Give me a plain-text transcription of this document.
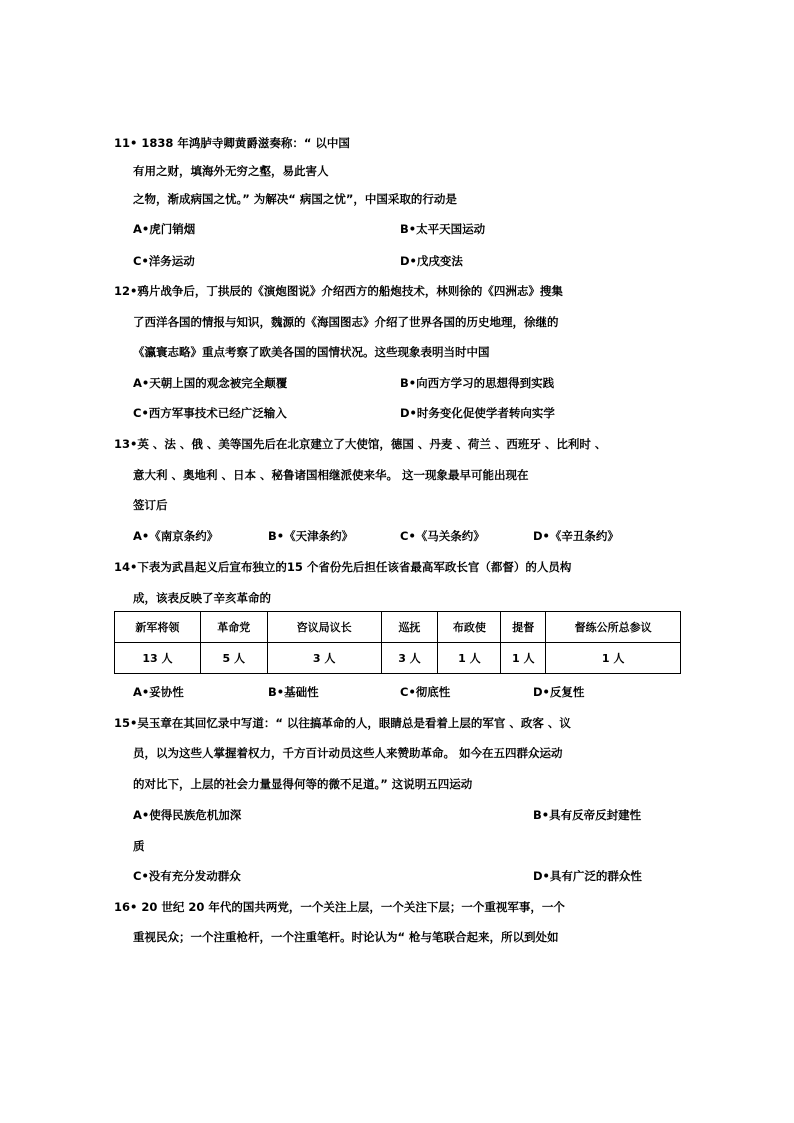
11• 1838 年鸿胪寺卿黄爵滋奏称：“ 以中国
有用之财，填海外无穷之壑，易此害人
之物，渐成病国之忧。” 为解决“ 病国之忧”，中国采取的行动是
A•虎门销烟	B•太平天国运动
C•洋务运动	D•戊戌变法
12•鸦片战争后，丁拱辰的《演炮图说》介绍西方的船炮技术，林则徐的《四洲志》搜集
了西洋各国的情报与知识，魏源的《海国图志》介绍了世界各国的历史地理，徐继的
《瀛寰志略》重点考察了欧美各国的国情状况。这些现象表明当时中国
A•天朝上国的观念被完全颠覆	B•向西方学习的思想得到实践
C•西方军事技术已经广泛输入	D•时务变化促使学者转向实学
13•英 、法 、俄 、美等国先后在北京建立了大使馆，德国 、丹麦 、荷兰 、西班牙 、比利时 、
意大利 、奥地利 、日本 、秘鲁诸国相继派使来华。 这一现象最早可能出现在
签订后
A•《南京条约》	B•《天津条约》	C•《马关条约》	D•《辛丑条约》
14•下表为武昌起义后宣布独立的15 个省份先后担任该省最高军政长官（都督）的人员构
成，该表反映了辛亥革命的
新军将领	革命党	咨议局议长	巡抚	布政使	提督	督练公所总参议
13 人	5 人	3 人	3 人	1 人	1 人	1 人
A•妥协性	B•基础性	C•彻底性	D•反复性
15•吴玉章在其回忆录中写道：“ 以往搞革命的人，眼睛总是看着上层的军官 、政客 、议
员，以为这些人掌握着权力，千方百计动员这些人来赞助革命。 如今在五四群众运动
的对比下，上层的社会力量显得何等的微不足道。” 这说明五四运动
A•使得民族危机加深	B•具有反帝反封建性
质
C•没有充分发动群众	D•具有广泛的群众性
16• 20 世纪 20 年代的国共两党，一个关注上层，一个关注下层；一个重视军事，一个
重视民众；一个注重枪杆，一个注重笔杆。时论认为“ 枪与笔联合起来，所以到处如
